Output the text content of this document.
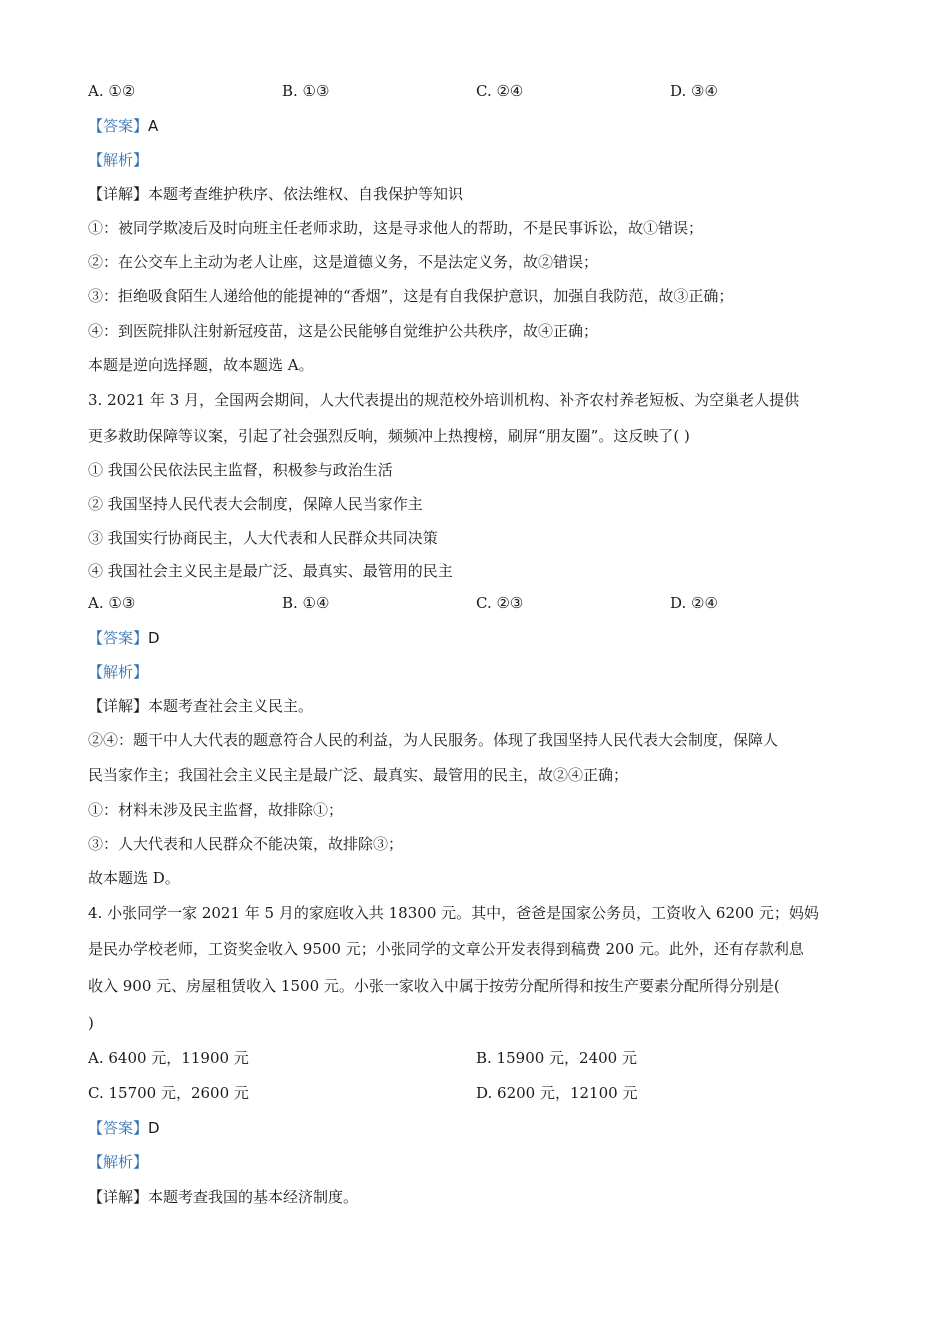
A. ①②	B. ①③	C. ②④	D. ③④
【答案】A
【解析】
【详解】本题考查维护秩序、依法维权、自我保护等知识
①：被同学欺凌后及时向班主任老师求助，这是寻求他人的帮助，不是民事诉讼，故①错误；
②：在公交车上主动为老人让座，这是道德义务，不是法定义务，故②错误；
③：拒绝吸食陌生人递给他的能提神的“香烟”，这是有自我保护意识，加强自我防范，故③正确；
④：到医院排队注射新冠疫苗，这是公民能够自觉维护公共秩序，故④正确；
本题是逆向选择题，故本题选 A。
3. 2021 年 3 月，全国两会期间，人大代表提出的规范校外培训机构、补齐农村养老短板、为空巢老人提供
更多救助保障等议案，引起了社会强烈反响，频频冲上热搜榜，刷屏“朋友圈”。这反映了( )
① 我国公民依法民主监督，积极参与政治生活
② 我国坚持人民代表大会制度，保障人民当家作主
③ 我国实行协商民主，人大代表和人民群众共同决策
④ 我国社会主义民主是最广泛、最真实、最管用的民主
A. ①③	B. ①④	C. ②③	D. ②④
【答案】D
【解析】
【详解】本题考查社会主义民主。
②④：题干中人大代表的题意符合人民的利益，为人民服务。体现了我国坚持人民代表大会制度，保障人
民当家作主；我国社会主义民主是最广泛、最真实、最管用的民主，故②④正确；
①：材料未涉及民主监督，故排除①；
③：人大代表和人民群众不能决策，故排除③；
故本题选 D。
4. 小张同学一家 2021 年 5 月的家庭收入共 18300 元。其中，爸爸是国家公务员，工资收入 6200 元；妈妈
是民办学校老师，工资奖金收入 9500 元；小张同学的文章公开发表得到稿费 200 元。此外，还有存款利息
收入 900 元、房屋租赁收入 1500 元。小张一家收入中属于按劳分配所得和按生产要素分配所得分别是(
)
A. 6400 元，11900 元	B. 15900 元，2400 元
C. 15700 元，2600 元	D. 6200 元，12100 元
【答案】D
【解析】
【详解】本题考查我国的基本经济制度。
